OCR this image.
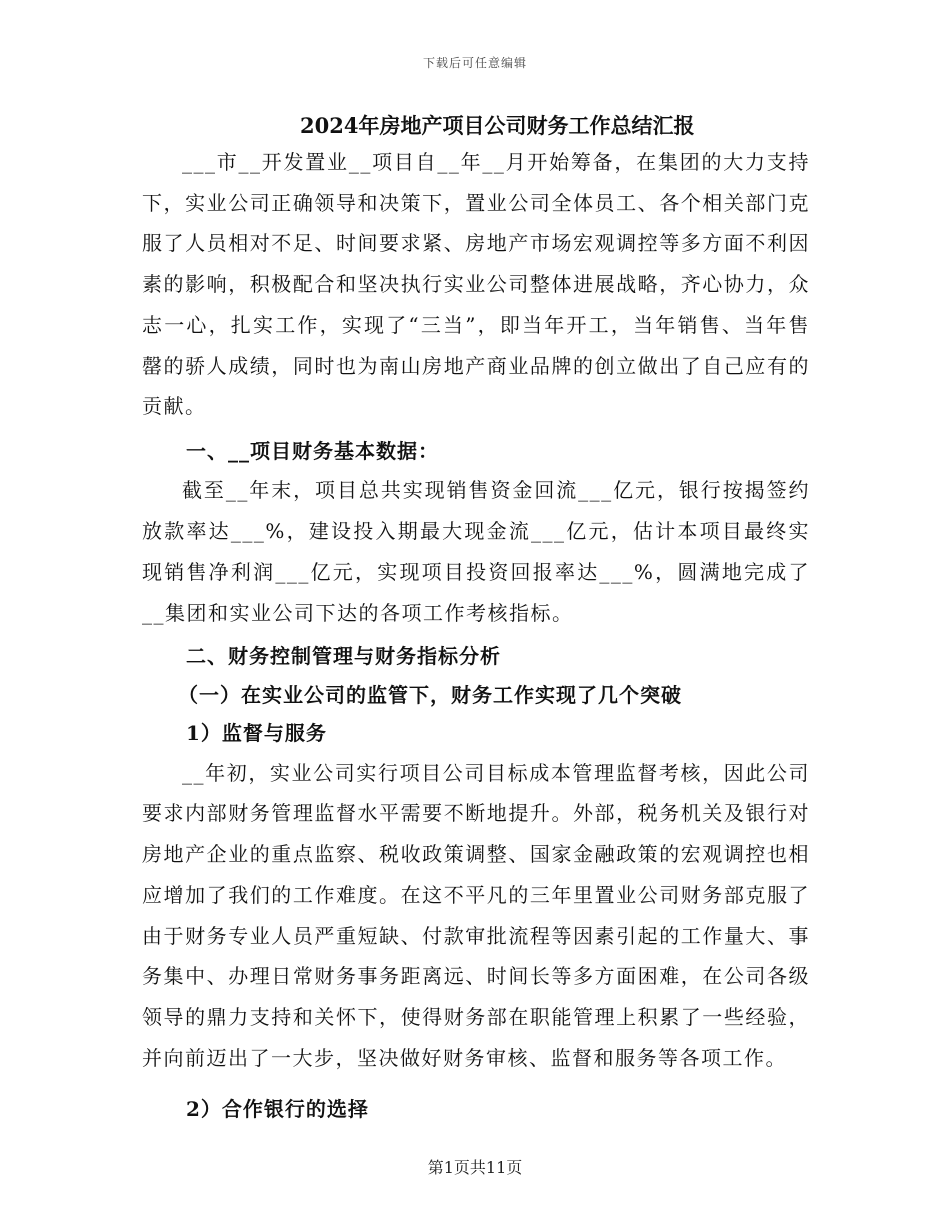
下载后可任意编辑
2024年房地产项目公司财务工作总结汇报

___市__开发置业__项目自__年__月开始筹备，在集团的大力支持下，实业公司正确领导和决策下，置业公司全体员工、各个相关部门克服了人员相对不足、时间要求紧、房地产市场宏观调控等多方面不利因素的影响，积极配合和坚决执行实业公司整体进展战略，齐心协力，众志一心，扎实工作，实现了“三当”，即当年开工，当年销售、当年售罄的骄人成绩，同时也为南山房地产商业品牌的创立做出了自己应有的贡献。

一、__项目财务基本数据：

截至__年末，项目总共实现销售资金回流___亿元，银行按揭签约放款率达___%，建设投入期最大现金流___亿元，估计本项目最终实现销售净利润___亿元，实现项目投资回报率达___%，圆满地完成了__集团和实业公司下达的各项工作考核指标。

二、财务控制管理与财务指标分析
（一）在实业公司的监管下，财务工作实现了几个突破
1）监督与服务

__年初，实业公司实行项目公司目标成本管理监督考核，因此公司要求内部财务管理监督水平需要不断地提升。外部，税务机关及银行对房地产企业的重点监察、税收政策调整、国家金融政策的宏观调控也相应增加了我们的工作难度。在这不平凡的三年里置业公司财务部克服了由于财务专业人员严重短缺、付款审批流程等因素引起的工作量大、事务集中、办理日常财务事务距离远、时间长等多方面困难，在公司各级领导的鼎力支持和关怀下，使得财务部在职能管理上积累了一些经验，并向前迈出了一大步，坚决做好财务审核、监督和服务等各项工作。

2）合作银行的选择
第1页共11页
